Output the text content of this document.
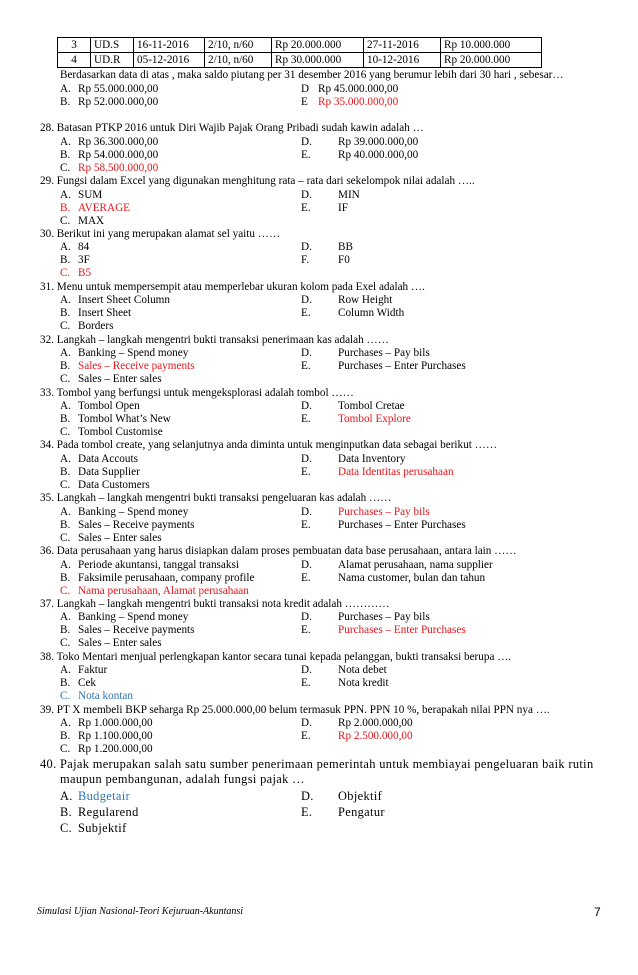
3	UD.S	16-11-2016	2/10, n/60	Rp 20.000.000	27-11-2016	Rp 10.000.000
4	UD.R	05-12-2016	2/10, n/60	Rp 30.000.000	10-12-2016	Rp 20.000.000
Berdasarkan data di atas , maka saldo piutang per 31 desember 2016 yang berumur lebih dari 30 hari , sebesar…
A. Rp 55.000.000,00	D Rp 45.000.000,00
B. Rp 52.000.000,00	E Rp 35.000.000,00
28. Batasan PTKP 2016 untuk Diri Wajib Pajak Orang Pribadi sudah kawin adalah …
A. Rp 36.300.000,00	D. Rp 39.000.000,00
B. Rp 54.000.000,00	E. Rp 40.000.000,00
C. Rp 58.500.000,00
29. Fungsi dalam Excel yang digunakan menghitung rata – rata dari sekelompok nilai adalah …..
A. SUM	D. MIN
B. AVERAGE	E. IF
C. MAX
30. Berikut ini yang merupakan alamat sel yaitu ……
A. 84	D. BB
B. 3F	F.	F0
C. B5
31. Menu untuk mempersempit atau memperlebar ukuran kolom pada Exel adalah ….
A. Insert Sheet Column	D. Row Height
B. Insert Sheet	E. Column Width
C. Borders
32. Langkah – langkah mengentri bukti transaksi penerimaan kas adalah ……
A. Banking – Spend money	D. Purchases – Pay bils
B. Sales – Receive payments	E. Purchases – Enter Purchases
C. Sales – Enter sales
33. Tombol yang berfungsi untuk mengeksplorasi adalah tombol ……
A. Tombol Open	D. Tombol Cretae
B. Tombol What’s New	E. Tombol Explore
C. Tombol Customise
34. Pada tombol create, yang selanjutnya anda diminta untuk menginputkan data sebagai berikut ……
A. Data Accouts	D. Data Inventory
B. Data Supplier	E. Data Identitas perusahaan
C. Data Customers
35. Langkah – langkah mengentri bukti transaksi pengeluaran kas adalah ……
A. Banking – Spend money	D. Purchases – Pay bils
B. Sales – Receive payments	E. Purchases – Enter Purchases
C. Sales – Enter sales
36. Data perusahaan yang harus disiapkan dalam proses pembuatan data base perusahaan, antara lain ……
A. Periode akuntansi, tanggal transaksi	D. Alamat perusahaan, nama supplier
B. Faksimile perusahaan, company profile	E. Nama customer, bulan dan tahun
C. Nama perusahaan, Alamat perusahaan
37. Langkah – langkah mengentri bukti transaksi nota kredit adalah …………
A. Banking – Spend money	D. Purchases – Pay bils
B. Sales – Receive payments	E. Purchases – Enter Purchases
C. Sales – Enter sales
38. Toko Mentari menjual perlengkapan kantor secara tunai kepada pelanggan, bukti transaksi berupa ….
A. Faktur	D. Nota debet
B. Cek	E. Nota kredit
C. Nota kontan
39. PT X membeli BKP seharga Rp 25.000.000,00 belum termasuk PPN. PPN 10 %, berapakah nilai PPN nya ….
A. Rp 1.000.000,00	D. Rp 2.000.000,00
B. Rp 1.100.000,00	E. Rp 2.500.000,00
C. Rp 1.200.000,00
40. Pajak merupakan salah satu sumber penerimaan pemerintah untuk membiayai pengeluaran baik rutin
maupun pembangunan, adalah fungsi pajak …
A. Budgetair	D. Objektif
B. Regularend	E. Pengatur
C. Subjektif
Simulasi Ujian Nasional-Teori Kejuruan-Akuntansi	7
